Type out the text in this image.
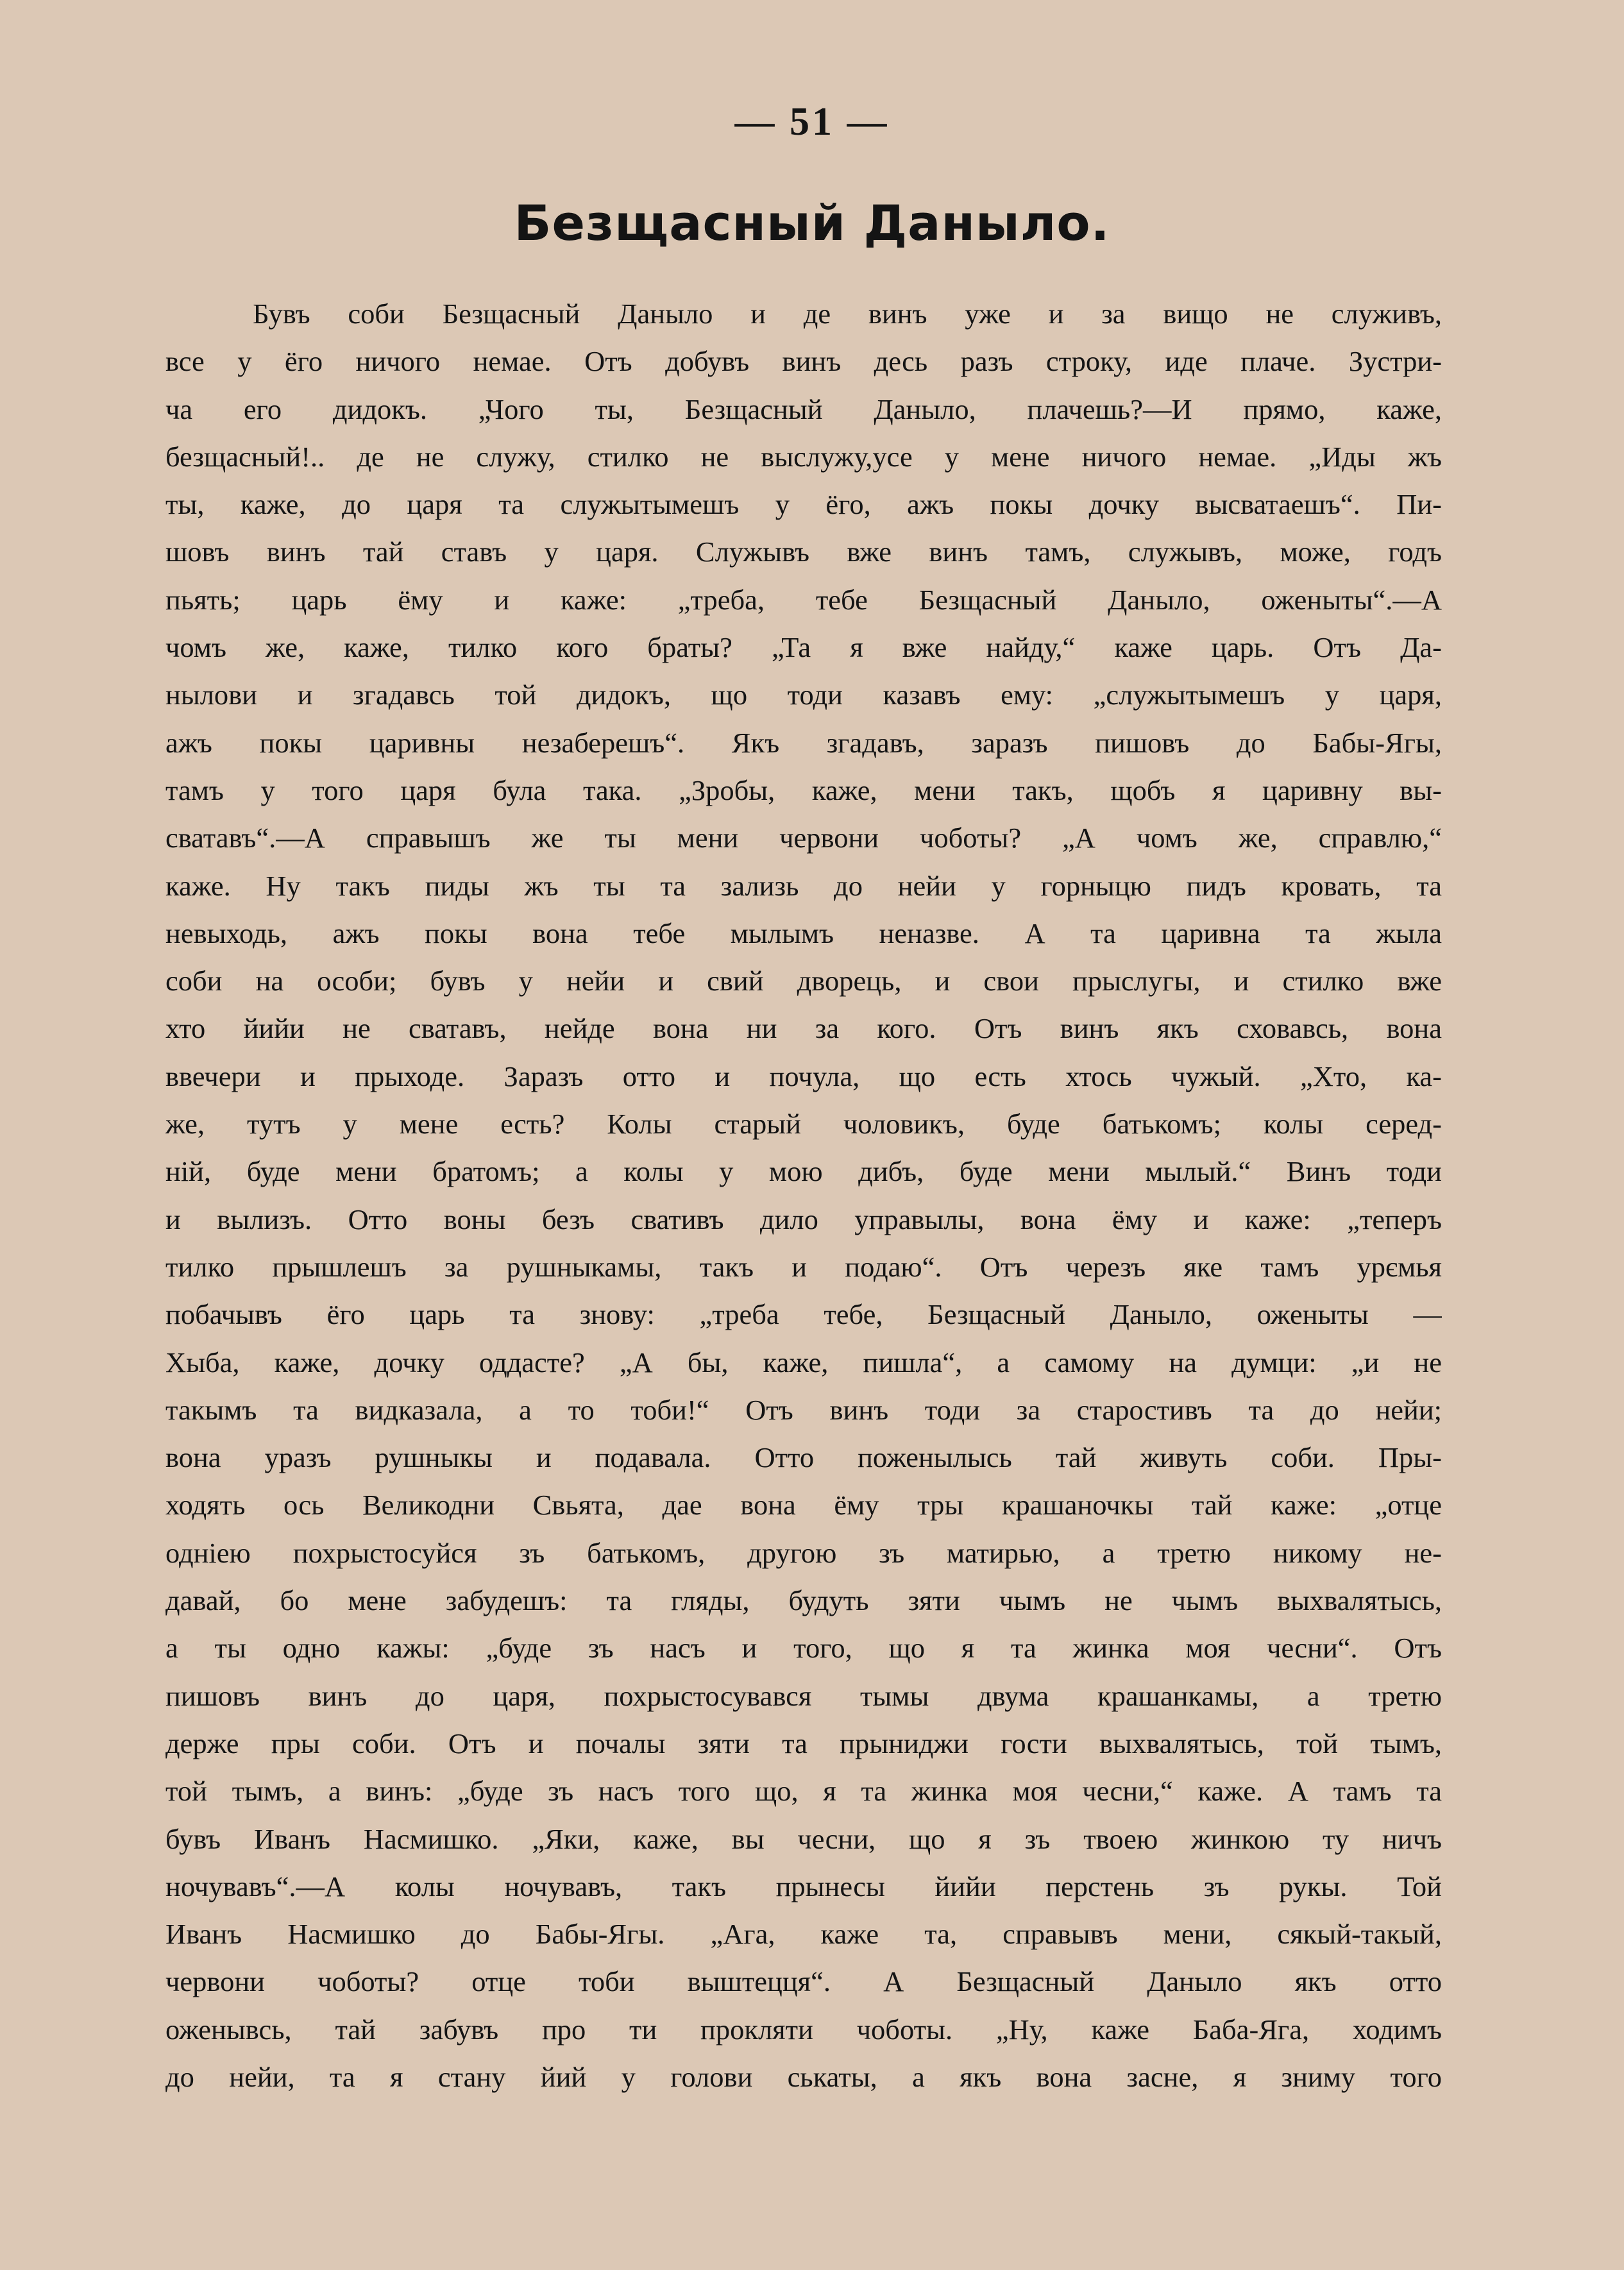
— 51 —
Безщасный Даныло.
Бувъ соби Безщасный Даныло и де винъ уже и за вищо не служивъ,
все у ёго ничого немае. Отъ добувъ винъ десь разъ строку, иде плаче. Зустри-
ча его дидокъ. „Чого ты, Безщасный Даныло, плачешь?—И прямо, каже,
безщасный!.. де не служу, стилко не выслужу,усе у мене ничого немае. „Иды жъ
ты, каже, до царя та служытымешъ у ёго, ажъ покы дочку высватаешъ“. Пи-
шовъ винъ тай ставъ у царя. Служывъ вже винъ тамъ, служывъ, може, годъ
пьять; царь ёму и каже: „треба, тебе Безщасный Даныло, оженыты“.—А
чомъ же, каже, тилко кого браты? „Та я вже найду,“ каже царь. Отъ Да-
нылови и згадавсь той дидокъ, що тоди казавъ ему: „служытымешъ у царя,
ажъ покы царивны незаберешъ“. Якъ згадавъ, заразъ пишовъ до Бабы-Ягы,
тамъ у того царя була така. „Зробы, каже, мени такъ, щобъ я царивну вы-
сватавъ“.—А справышъ же ты мени червони чоботы? „А чомъ же, справлю,“
каже. Ну такъ пиды жъ ты та зализь до нейи у горныцю пидъ кровать, та
невыходь, ажъ покы вона тебе мылымъ неназве. А та царивна та жыла
соби на особи; бувъ у нейи и свий дворець, и свои прыслугы, и стилко вже
хто йийи не сватавъ, нейде вона ни за кого. Отъ винъ якъ сховавсь, вона
ввечери и прыходе. Заразъ отто и почула, що есть хтось чужый. „Хто, ка-
же, тутъ у мене есть? Колы старый чоловикъ, буде батькомъ; колы серед-
ній, буде мени братомъ; а колы у мою дибъ, буде мени мылый.“ Винъ тоди
и вылизъ. Отто воны безъ свативъ дило управылы, вона ёму и каже: „теперъ
тилко прышлешъ за рушныкамы, такъ и подаю“. Отъ черезъ яке тамъ урємья
побачывъ ёго царь та знову: „треба тебе, Безщасный Даныло, оженыты —
Хыба, каже, дочку оддасте? „А бы, каже, пишла“, а самому на думци: „и не
такымъ та видказала, а то тоби!“ Отъ винъ тоди за старостивъ та до нейи;
вона уразъ рушныкы и подавала. Отто поженылысь тай живуть соби. Пры-
ходять ось Великодни Свьята, дае вона ёму тры крашаночкы тай каже: „отце
однiею похрыстосуйся зъ батькомъ, другою зъ матирью, а третю никому не-
давай, бо мене забудешъ: та гляды, будуть зяти чымъ не чымъ выхвалятысь,
а ты одно кажы: „буде зъ насъ и того, що я та жинка моя чесни“. Отъ
пишовъ винъ до царя, похрыстосувався тымы двума крашанкамы, а третю
держе пры соби. Отъ и почалы зяти та прыниджи гости выхвалятысь, той тымъ,
той тымъ, а винъ: „буде зъ насъ того що, я та жинка моя чесни,“ каже. А тамъ та
бувъ Иванъ Насмишко. „Яки, каже, вы чесни, що я зъ твоею жинкою ту ничъ
ночувавъ“.—А колы ночувавъ, такъ прынесы йийи перстень зъ рукы. Той
Иванъ Насмишко до Бабы-Ягы. „Ага, каже та, справывъ мени, сякый-такый,
червони чоботы? отце тоби выштецця“. А Безщасный Даныло якъ отто
оженывсь, тай забувъ про ти прокляти чоботы. „Ну, каже Баба-Яга, ходимъ
до нейи, та я стану йий у голови ськаты, а якъ вона засне, я зниму того
